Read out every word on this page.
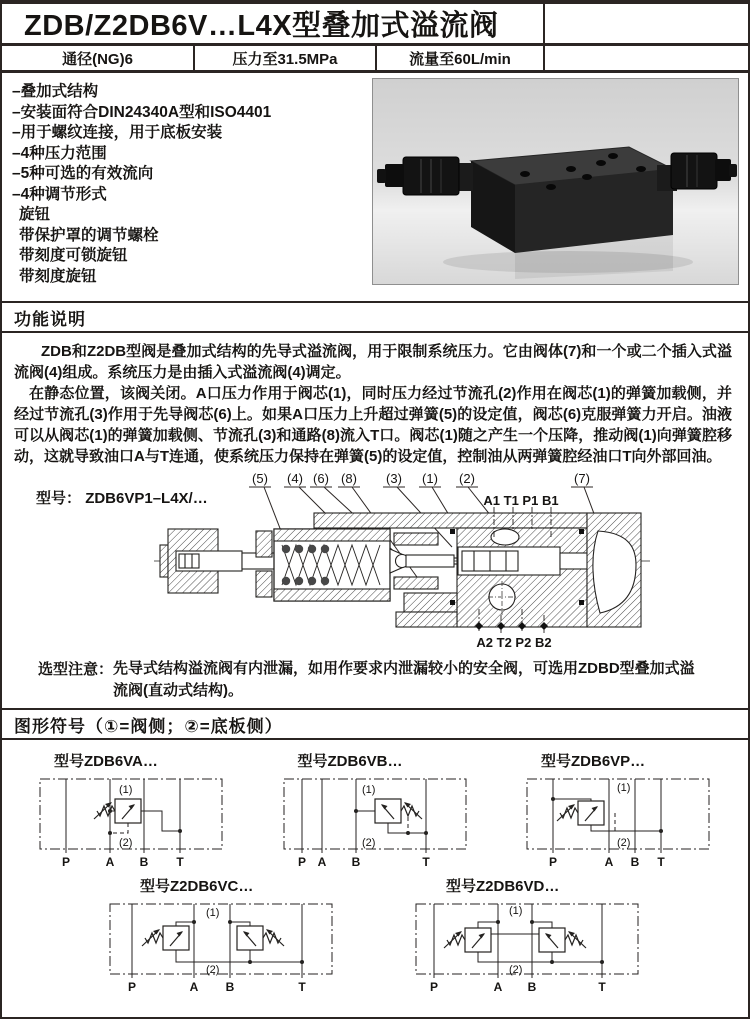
ZDB/Z2DB6V…L4X型叠加式溢流阀
通径(NG)6	压力至31.5MPa	流量至60L/min
–叠加式结构
–安装面符合DIN24340A型和ISO4401
–用于螺纹连接，用于底板安装
–4种压力范围
–5种可选的有效流向
–4种调节形式
旋钮
带保护罩的调节螺栓
带刻度可锁旋钮
带刻度旋钮
功能说明

ZDB和Z2DB型阀是叠加式结构的先导式溢流阀，用于限制系统压力。它由阀体(7)和一个或二个插入式溢流阀(4)组成。系统压力是由插入式溢流阀(4)调定。

在静态位置，该阀关闭。A口压力作用于阀芯(1)，同时压力经过节流孔(2)作用在阀芯(1)的弹簧加载侧，并经过节流孔(3)作用于先导阀芯(6)上。如果A口压力上升超过弹簧(5)的设定值，阀芯(6)克服弹簧力开启。油液可以从阀芯(1)的弹簧加载侧、节流孔(3)和通路(8)流入T口。阀芯(1)随之产生一个压降，推动阀(1)向弹簧腔移动，这就导致油口A与T连通，使系统压力保持在弹簧(5)的设定值，控制油从两弹簧腔经油口T向外部回油。

型号： ZDB6VP1–L4X/…
(5) (4) (6) (8) (3) (1) (2)	(7)
A1 T1 P1 B1
A2 T2 P2 B2
选型注意： 先导式结构溢流阀有内泄漏，如用作要求内泄漏较小的安全阀，可选用ZDBD型叠加式溢流阀(直动式结构)。
图形符号（①=阀侧；②=底板侧）
型号ZDB6VA…
(1)
(2)
P	A B T
型号ZDB6VB…
(1)
(2)
P A B	T
型号ZDB6VP…
(1)
(2)
P	A B T
型号Z2DB6VC…
(1)
(2)
P	A B	T
型号Z2DB6VD…
(1)
(2)
P	A B	T
